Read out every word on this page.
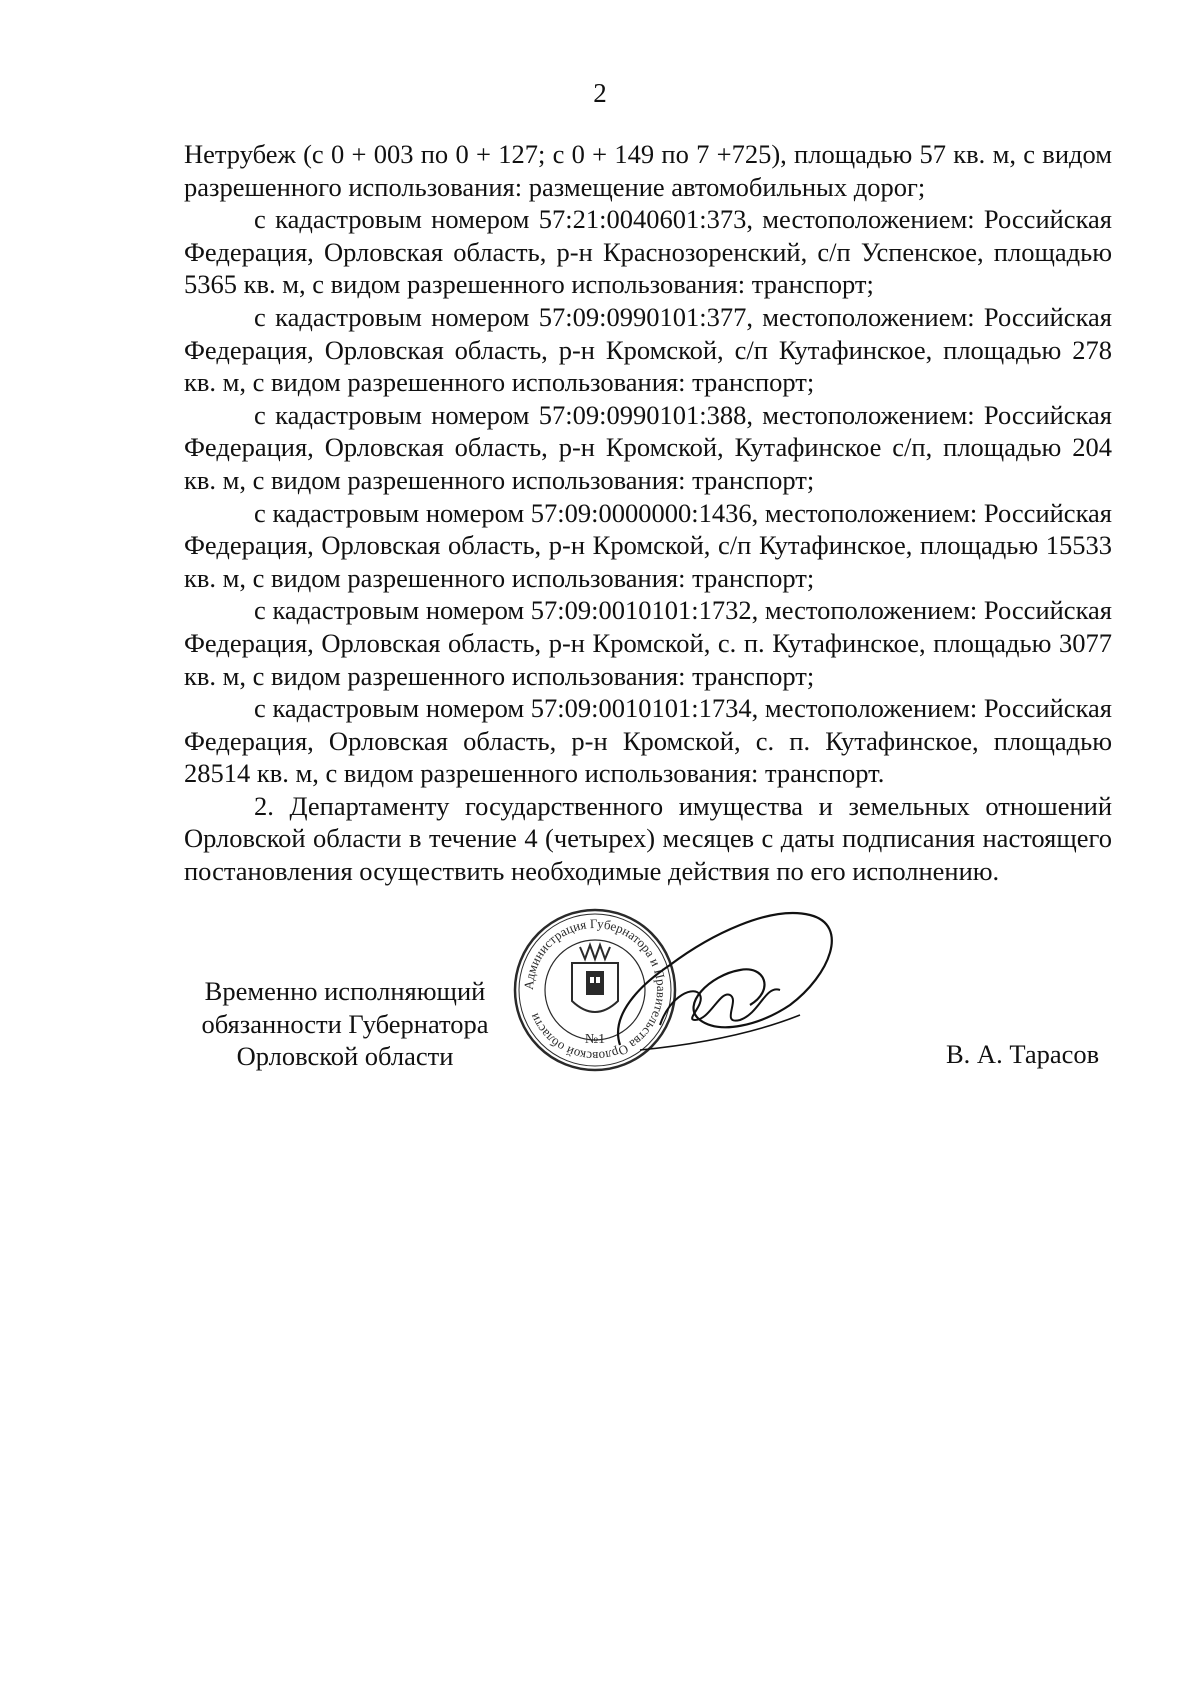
2

Нетрубеж (с 0 + 003 по 0 + 127; с 0 + 149 по 7 +725), площадью 57 кв. м, с видом разрешенного использования: размещение автомобильных дорог;

с кадастровым номером 57:21:0040601:373, местоположением: Российская Федерация, Орловская область, р-н Краснозоренский, с/п Успенское, площадью 5365 кв. м, с видом разрешенного использования: транспорт;

с кадастровым номером 57:09:0990101:377, местоположением: Российская Федерация, Орловская область, р-н Кромской, с/п Кутафинское, площадью 278 кв. м, с видом разрешенного использования: транспорт;

с кадастровым номером 57:09:0990101:388, местоположением: Российская Федерация, Орловская область, р-н Кромской, Кутафинское с/п, площадью 204 кв. м, с видом разрешенного использования: транспорт;

с кадастровым номером 57:09:0000000:1436, местоположением: Российская Федерация, Орловская область, р-н Кромской, с/п Кутафинское, площадью 15533 кв. м, с видом разрешенного использования: транспорт;

с кадастровым номером 57:09:0010101:1732, местоположением: Российская Федерация, Орловская область, р-н Кромской, с. п. Кутафинское, площадью 3077 кв. м, с видом разрешенного использования: транспорт;

с кадастровым номером 57:09:0010101:1734, местоположением: Российская Федерация, Орловская область, р-н Кромской, с. п. Кутафинское, площадью 28514 кв. м, с видом разрешенного использования: транспорт.

2. Департаменту государственного имущества и земельных отношений Орловской области в течение 4 (четырех) месяцев с даты подписания настоящего постановления осуществить необходимые действия по его исполнению.

Временно исполняющий
обязанности Губернатора
Орловской области
Администрация Губернатора и Правительства Орловской области
№1	В. А. Тарасов
